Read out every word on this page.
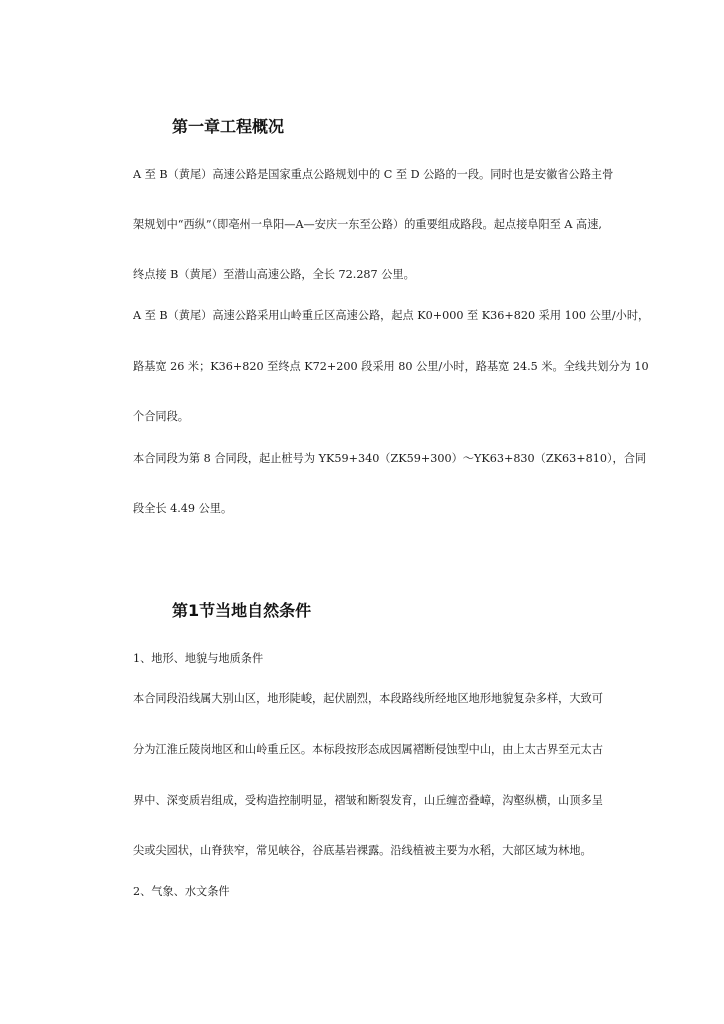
第一章工程概况
A 至 B（黄尾）高速公路是国家重点公路规划中的 C 至 D 公路的一段。同时也是安徽省公路主骨
架规划中“西纵”（即亳州一阜阳—A—安庆一东至公路）的重要组成路段。起点接阜阳至 A 高速,
终点接 B（黄尾）至潜山高速公路，全长 72.287 公里。
A 至 B（黄尾）高速公路采用山岭重丘区高速公路，起点 K0+000 至 K36+820 采用 100 公里/小时，
路基宽 26 米；K36+820 至终点 K72+200 段采用 80 公里/小时，路基宽 24.5 米。全线共划分为 10
个合同段。
本合同段为第 8 合同段，起止桩号为 YK59+340（ZK59+300）～YK63+830（ZK63+810），合同
段全长 4.49 公里。
第1节当地自然条件
1、地形、地貌与地质条件
本合同段沿线属大别山区，地形陡峻，起伏剧烈，本段路线所经地区地形地貌复杂多样，大致可
分为江淮丘陵岗地区和山岭重丘区。本标段按形态成因属褶断侵蚀型中山，由上太古界至元太古
界中、深变质岩组成，受构造控制明显，褶皱和断裂发育，山丘缠峦叠嶂，沟壑纵横，山顶多呈
尖或尖园状，山脊狭窄，常见峡谷，谷底基岩裸露。沿线植被主要为水稻，大部区域为林地。
2、气象、水文条件
